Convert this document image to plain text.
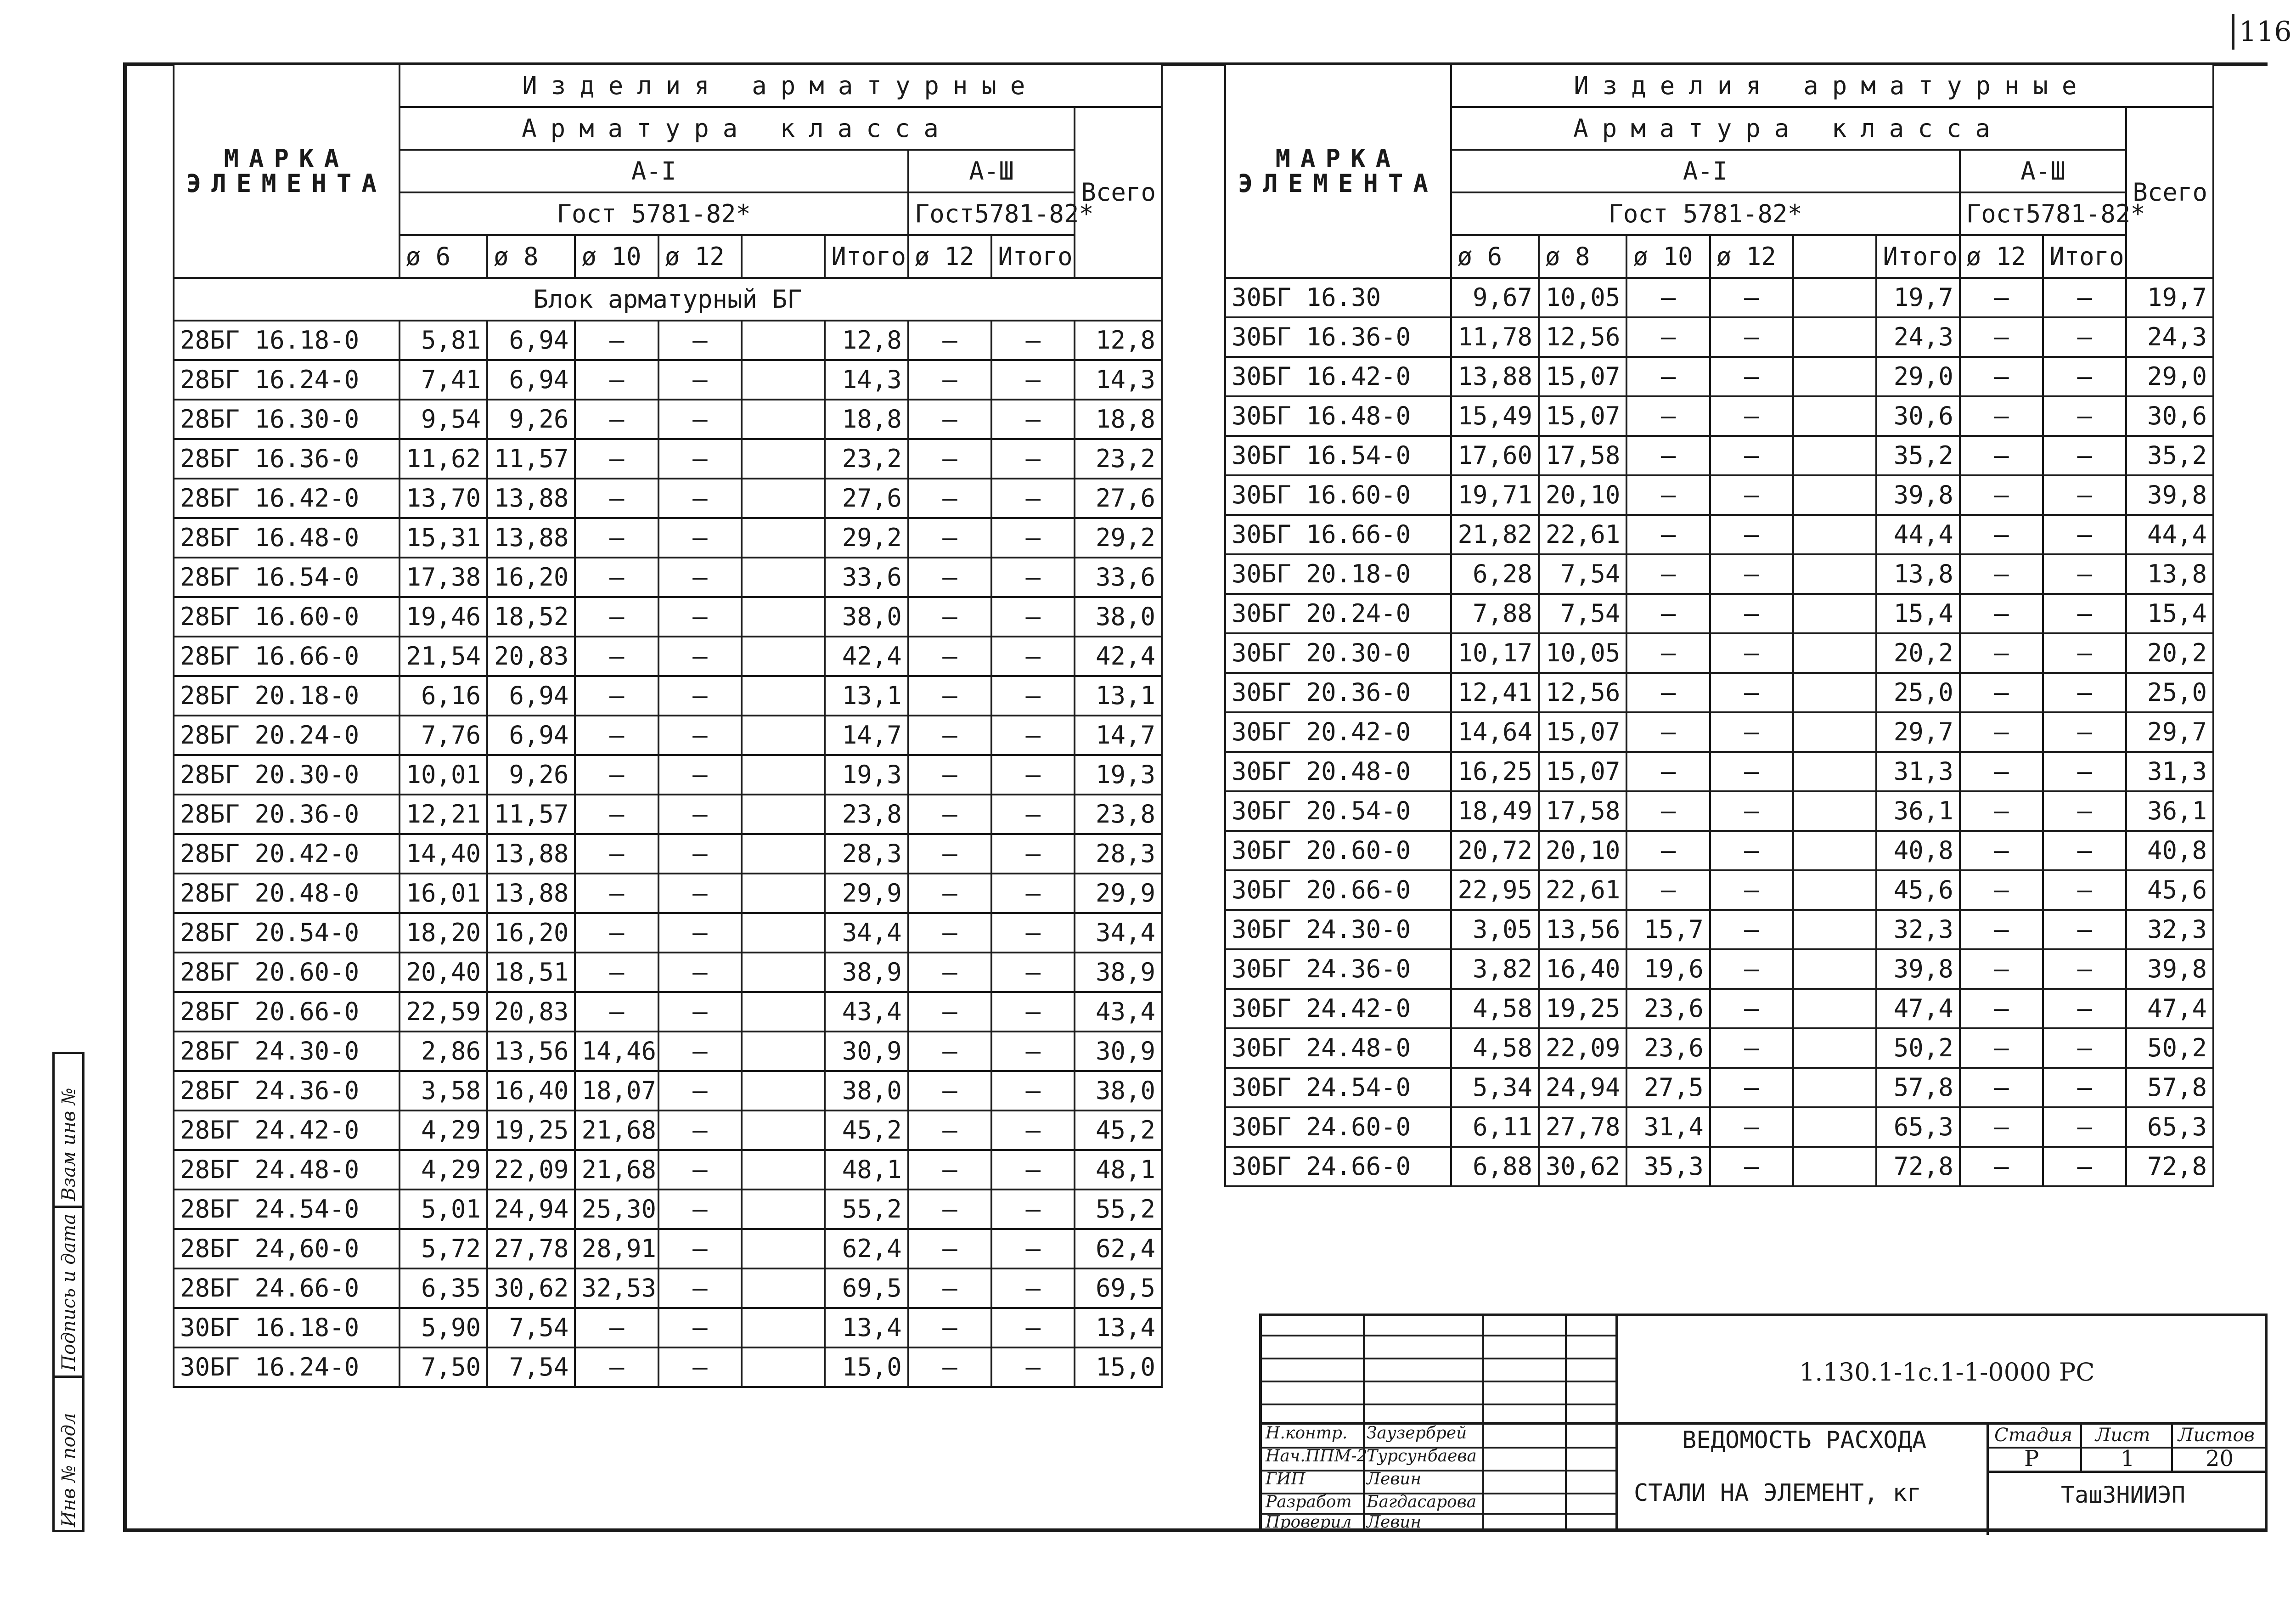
116
МАРКА
ЭЛЕМЕНТА	Изделия арматурные								
	Арматура класса								Всего
	А-I						А-Ш		
	Гост 5781-82*						Гост5781-82*		
	ø 6	ø 8	ø 10	ø 12		Итого	ø 12	Итого	
Блок арматурный БГ									
28БГ 16.18-0	5,81	6,94	–	–		12,8	–	–	12,8
28БГ 16.24-0	7,41	6,94	–	–		14,3	–	–	14,3
28БГ 16.30-0	9,54	9,26	–	–		18,8	–	–	18,8
28БГ 16.36-0	11,62	11,57	–	–		23,2	–	–	23,2
28БГ 16.42-0	13,70	13,88	–	–		27,6	–	–	27,6
28БГ 16.48-0	15,31	13,88	–	–		29,2	–	–	29,2
28БГ 16.54-0	17,38	16,20	–	–		33,6	–	–	33,6
28БГ 16.60-0	19,46	18,52	–	–		38,0	–	–	38,0
28БГ 16.66-0	21,54	20,83	–	–		42,4	–	–	42,4
28БГ 20.18-0	6,16	6,94	–	–		13,1	–	–	13,1
28БГ 20.24-0	7,76	6,94	–	–		14,7	–	–	14,7
28БГ 20.30-0	10,01	9,26	–	–		19,3	–	–	19,3
28БГ 20.36-0	12,21	11,57	–	–		23,8	–	–	23,8
28БГ 20.42-0	14,40	13,88	–	–		28,3	–	–	28,3
28БГ 20.48-0	16,01	13,88	–	–		29,9	–	–	29,9
28БГ 20.54-0	18,20	16,20	–	–		34,4	–	–	34,4
28БГ 20.60-0	20,40	18,51	–	–		38,9	–	–	38,9
28БГ 20.66-0	22,59	20,83	–	–		43,4	–	–	43,4
28БГ 24.30-0	2,86	13,56	14,46	–		30,9	–	–	30,9
28БГ 24.36-0	3,58	16,40	18,07	–		38,0	–	–	38,0
28БГ 24.42-0	4,29	19,25	21,68	–		45,2	–	–	45,2
28БГ 24.48-0	4,29	22,09	21,68	–		48,1	–	–	48,1
28БГ 24.54-0	5,01	24,94	25,30	–		55,2	–	–	55,2
28БГ 24,60-0	5,72	27,78	28,91	–		62,4	–	–	62,4
28БГ 24.66-0	6,35	30,62	32,53	–		69,5	–	–	69,5
30БГ 16.18-0	5,90	7,54	–	–		13,4	–	–	13,4
30БГ 16.24-0	7,50	7,54	–	–		15,0	–	–	15,0
МАРКА
ЭЛЕМЕНТА	Изделия арматурные								
	Арматура класса								Всего
	А-I						А-Ш		
	Гост 5781-82*						Гост5781-82*		
	ø 6	ø 8	ø 10	ø 12		Итого	ø 12	Итого	
30БГ 16.30	9,67	10,05	–	–		19,7	–	–	19,7
30БГ 16.36-0	11,78	12,56	–	–		24,3	–	–	24,3
30БГ 16.42-0	13,88	15,07	–	–		29,0	–	–	29,0
30БГ 16.48-0	15,49	15,07	–	–		30,6	–	–	30,6
30БГ 16.54-0	17,60	17,58	–	–		35,2	–	–	35,2
30БГ 16.60-0	19,71	20,10	–	–		39,8	–	–	39,8
30БГ 16.66-0	21,82	22,61	–	–		44,4	–	–	44,4
30БГ 20.18-0	6,28	7,54	–	–		13,8	–	–	13,8
30БГ 20.24-0	7,88	7,54	–	–		15,4	–	–	15,4
30БГ 20.30-0	10,17	10,05	–	–		20,2	–	–	20,2
30БГ 20.36-0	12,41	12,56	–	–		25,0	–	–	25,0
30БГ 20.42-0	14,64	15,07	–	–		29,7	–	–	29,7
30БГ 20.48-0	16,25	15,07	–	–		31,3	–	–	31,3
30БГ 20.54-0	18,49	17,58	–	–		36,1	–	–	36,1
30БГ 20.60-0	20,72	20,10	–	–		40,8	–	–	40,8
30БГ 20.66-0	22,95	22,61	–	–		45,6	–	–	45,6
30БГ 24.30-0	3,05	13,56	15,7	–		32,3	–	–	32,3
30БГ 24.36-0	3,82	16,40	19,6	–		39,8	–	–	39,8
30БГ 24.42-0	4,58	19,25	23,6	–		47,4	–	–	47,4
30БГ 24.48-0	4,58	22,09	23,6	–		50,2	–	–	50,2
30БГ 24.54-0	5,34	24,94	27,5	–		57,8	–	–	57,8
30БГ 24.60-0	6,11	27,78	31,4	–		65,3	–	–	65,3
30БГ 24.66-0	6,88	30,62	35,3	–		72,8	–	–	72,8
1.130.1-1с.1-1-0000 РС
ВЕДОМОСТЬ РАСХОДА
СТАЛИ НА ЭЛЕМЕНТ, кг
Стадия Лист Листов
Р	1	20
ТашЗНИИЭП
Н.контр. Заузербрей
Нач.ППМ-2
Турсунбаева
ГИП	Левин
Разработ Багдасарова
Проверил Левин
Взам инв №
Подпись и дата
Инв № подл
